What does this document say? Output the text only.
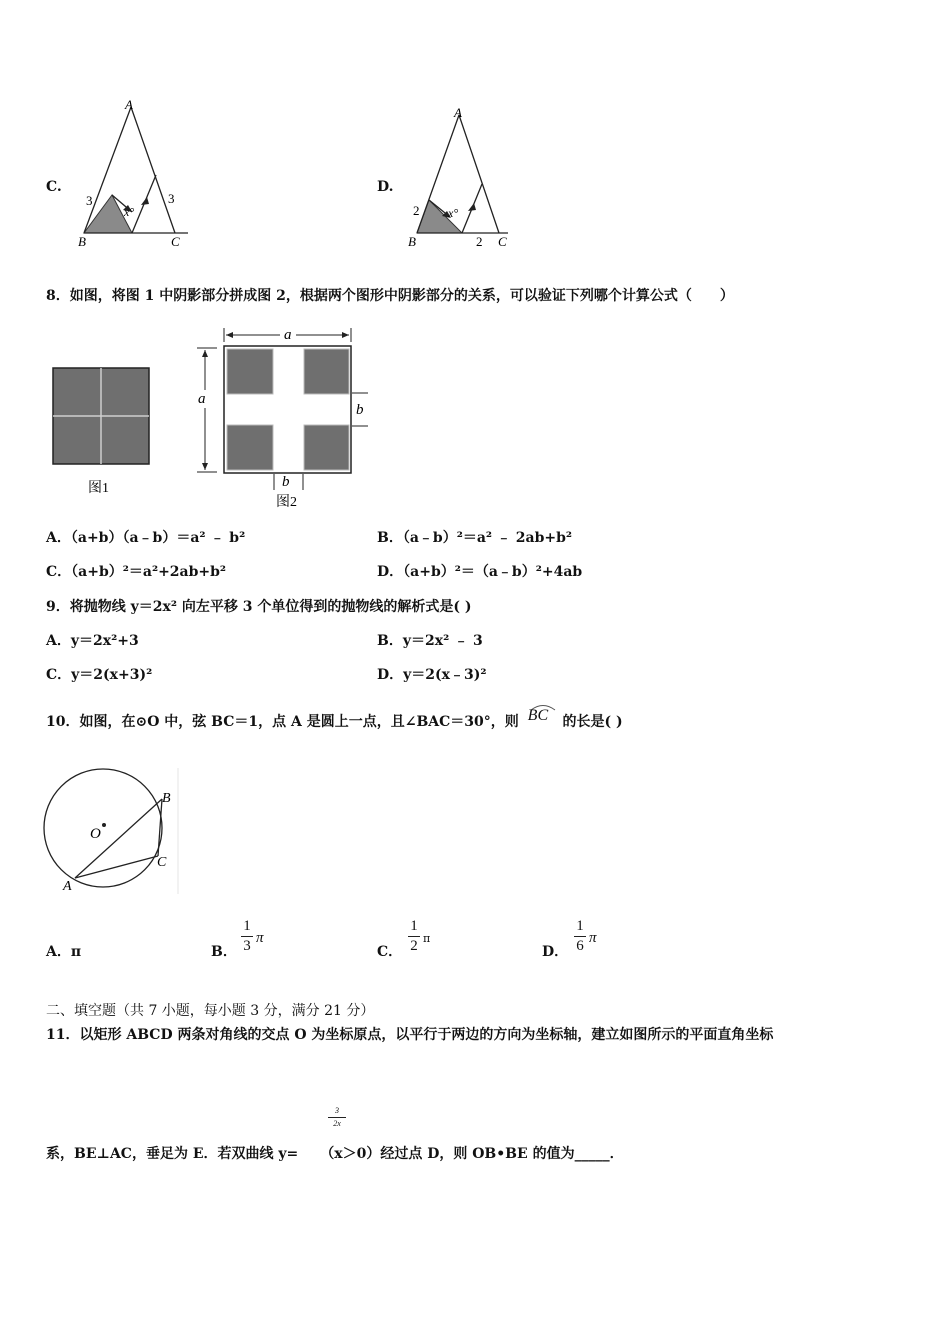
C.
A
B	C
3	3
x°
D.
A
B	C
2
2
x°
8．如图，将图 1 中阴影部分拼成图 2，根据两个图形中阴影部分的关系，可以验证下列哪个计算公式（　　）
图1
a
a
b
b
图2
A．（a+b）（a﹣b）＝a² ﹣ b²	B．（a﹣b）²＝a² ﹣ 2ab+b²
C．（a+b）²＝a²+2ab+b²	D．（a+b）²＝（a﹣b）²+4ab
9．将抛物线 y＝2x² 向左平移 3 个单位得到的抛物线的解析式是( )
A．y＝2x²+3	B．y＝2x² ﹣ 3
C．y＝2(x+3)²	D．y＝2(x﹣3)²
10．如图，在⊙O 中，弦 BC＝1，点 A 是圆上一点，且∠BAC＝30°，则 BC 的长是( )
O
A
B
C
A．π	B．
1
3 π
C．
1
2 π
D．
1
6 π
二、填空题（共 7 小题，每小题 3 分，满分 21 分）
11．以矩形 ABCD 两条对角线的交点 O 为坐标原点，以平行于两边的方向为坐标轴，建立如图所示的平面直角坐标
3
2x
系，BE⊥AC，垂足为 E．若双曲线 y= （x＞0）经过点 D，则 OB•BE 的值为_____．
